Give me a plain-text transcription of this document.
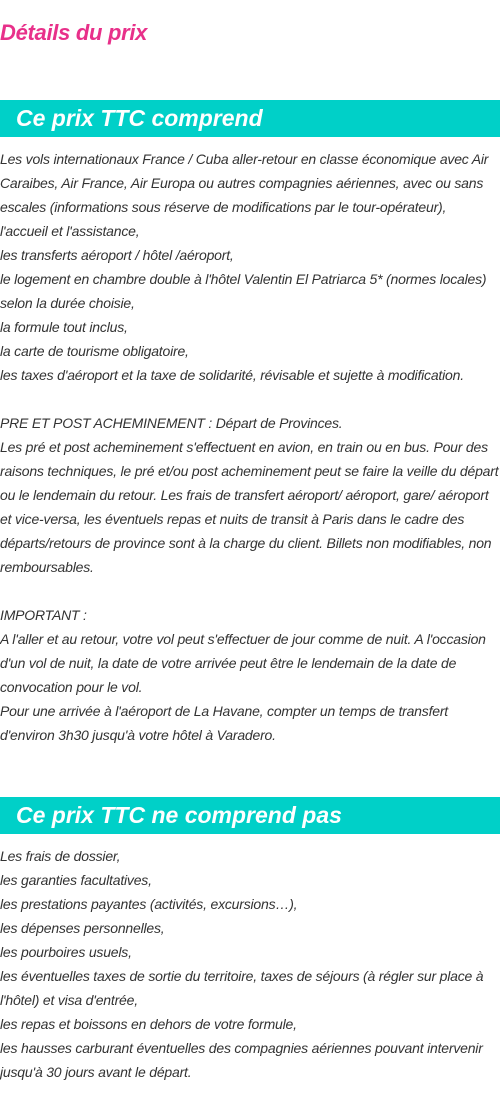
Détails du prix
Ce prix TTC comprend

Les vols internationaux France / Cuba aller-retour en classe économique avec Air Caraibes, Air France, Air Europa ou autres compagnies aériennes, avec ou sans escales (informations sous réserve de modifications par le tour-opérateur),

l'accueil et l'assistance,

les transferts aéroport / hôtel /aéroport,

le logement en chambre double à l'hôtel Valentin El Patriarca 5* (normes locales) selon la durée choisie,

la formule tout inclus,

la carte de tourisme obligatoire,

les taxes d'aéroport et la taxe de solidarité, révisable et sujette à modification.

PRE ET POST ACHEMINEMENT : Départ de Provinces.

Les pré et post acheminement s'effectuent en avion, en train ou en bus. Pour des raisons techniques, le pré et/ou post acheminement peut se faire la veille du départ ou le lendemain du retour. Les frais de transfert aéroport/ aéroport, gare/ aéroport et vice-versa, les éventuels repas et nuits de transit à Paris dans le cadre des départs/retours de province sont à la charge du client. Billets non modifiables, non remboursables.

IMPORTANT :

A l'aller et au retour, votre vol peut s'effectuer de jour comme de nuit. A l'occasion d'un vol de nuit, la date de votre arrivée peut être le lendemain de la date de convocation pour le vol.

Pour une arrivée à l'aéroport de La Havane, compter un temps de transfert d'environ 3h30 jusqu'à votre hôtel à Varadero.

Ce prix TTC ne comprend pas

Les frais de dossier,

les garanties facultatives,

les prestations payantes (activités, excursions…),

les dépenses personnelles,

les pourboires usuels,

les éventuelles taxes de sortie du territoire, taxes de séjours (à régler sur place à l'hôtel) et visa d'entrée,

les repas et boissons en dehors de votre formule,

les hausses carburant éventuelles des compagnies aériennes pouvant intervenir jusqu'à 30 jours avant le départ.
